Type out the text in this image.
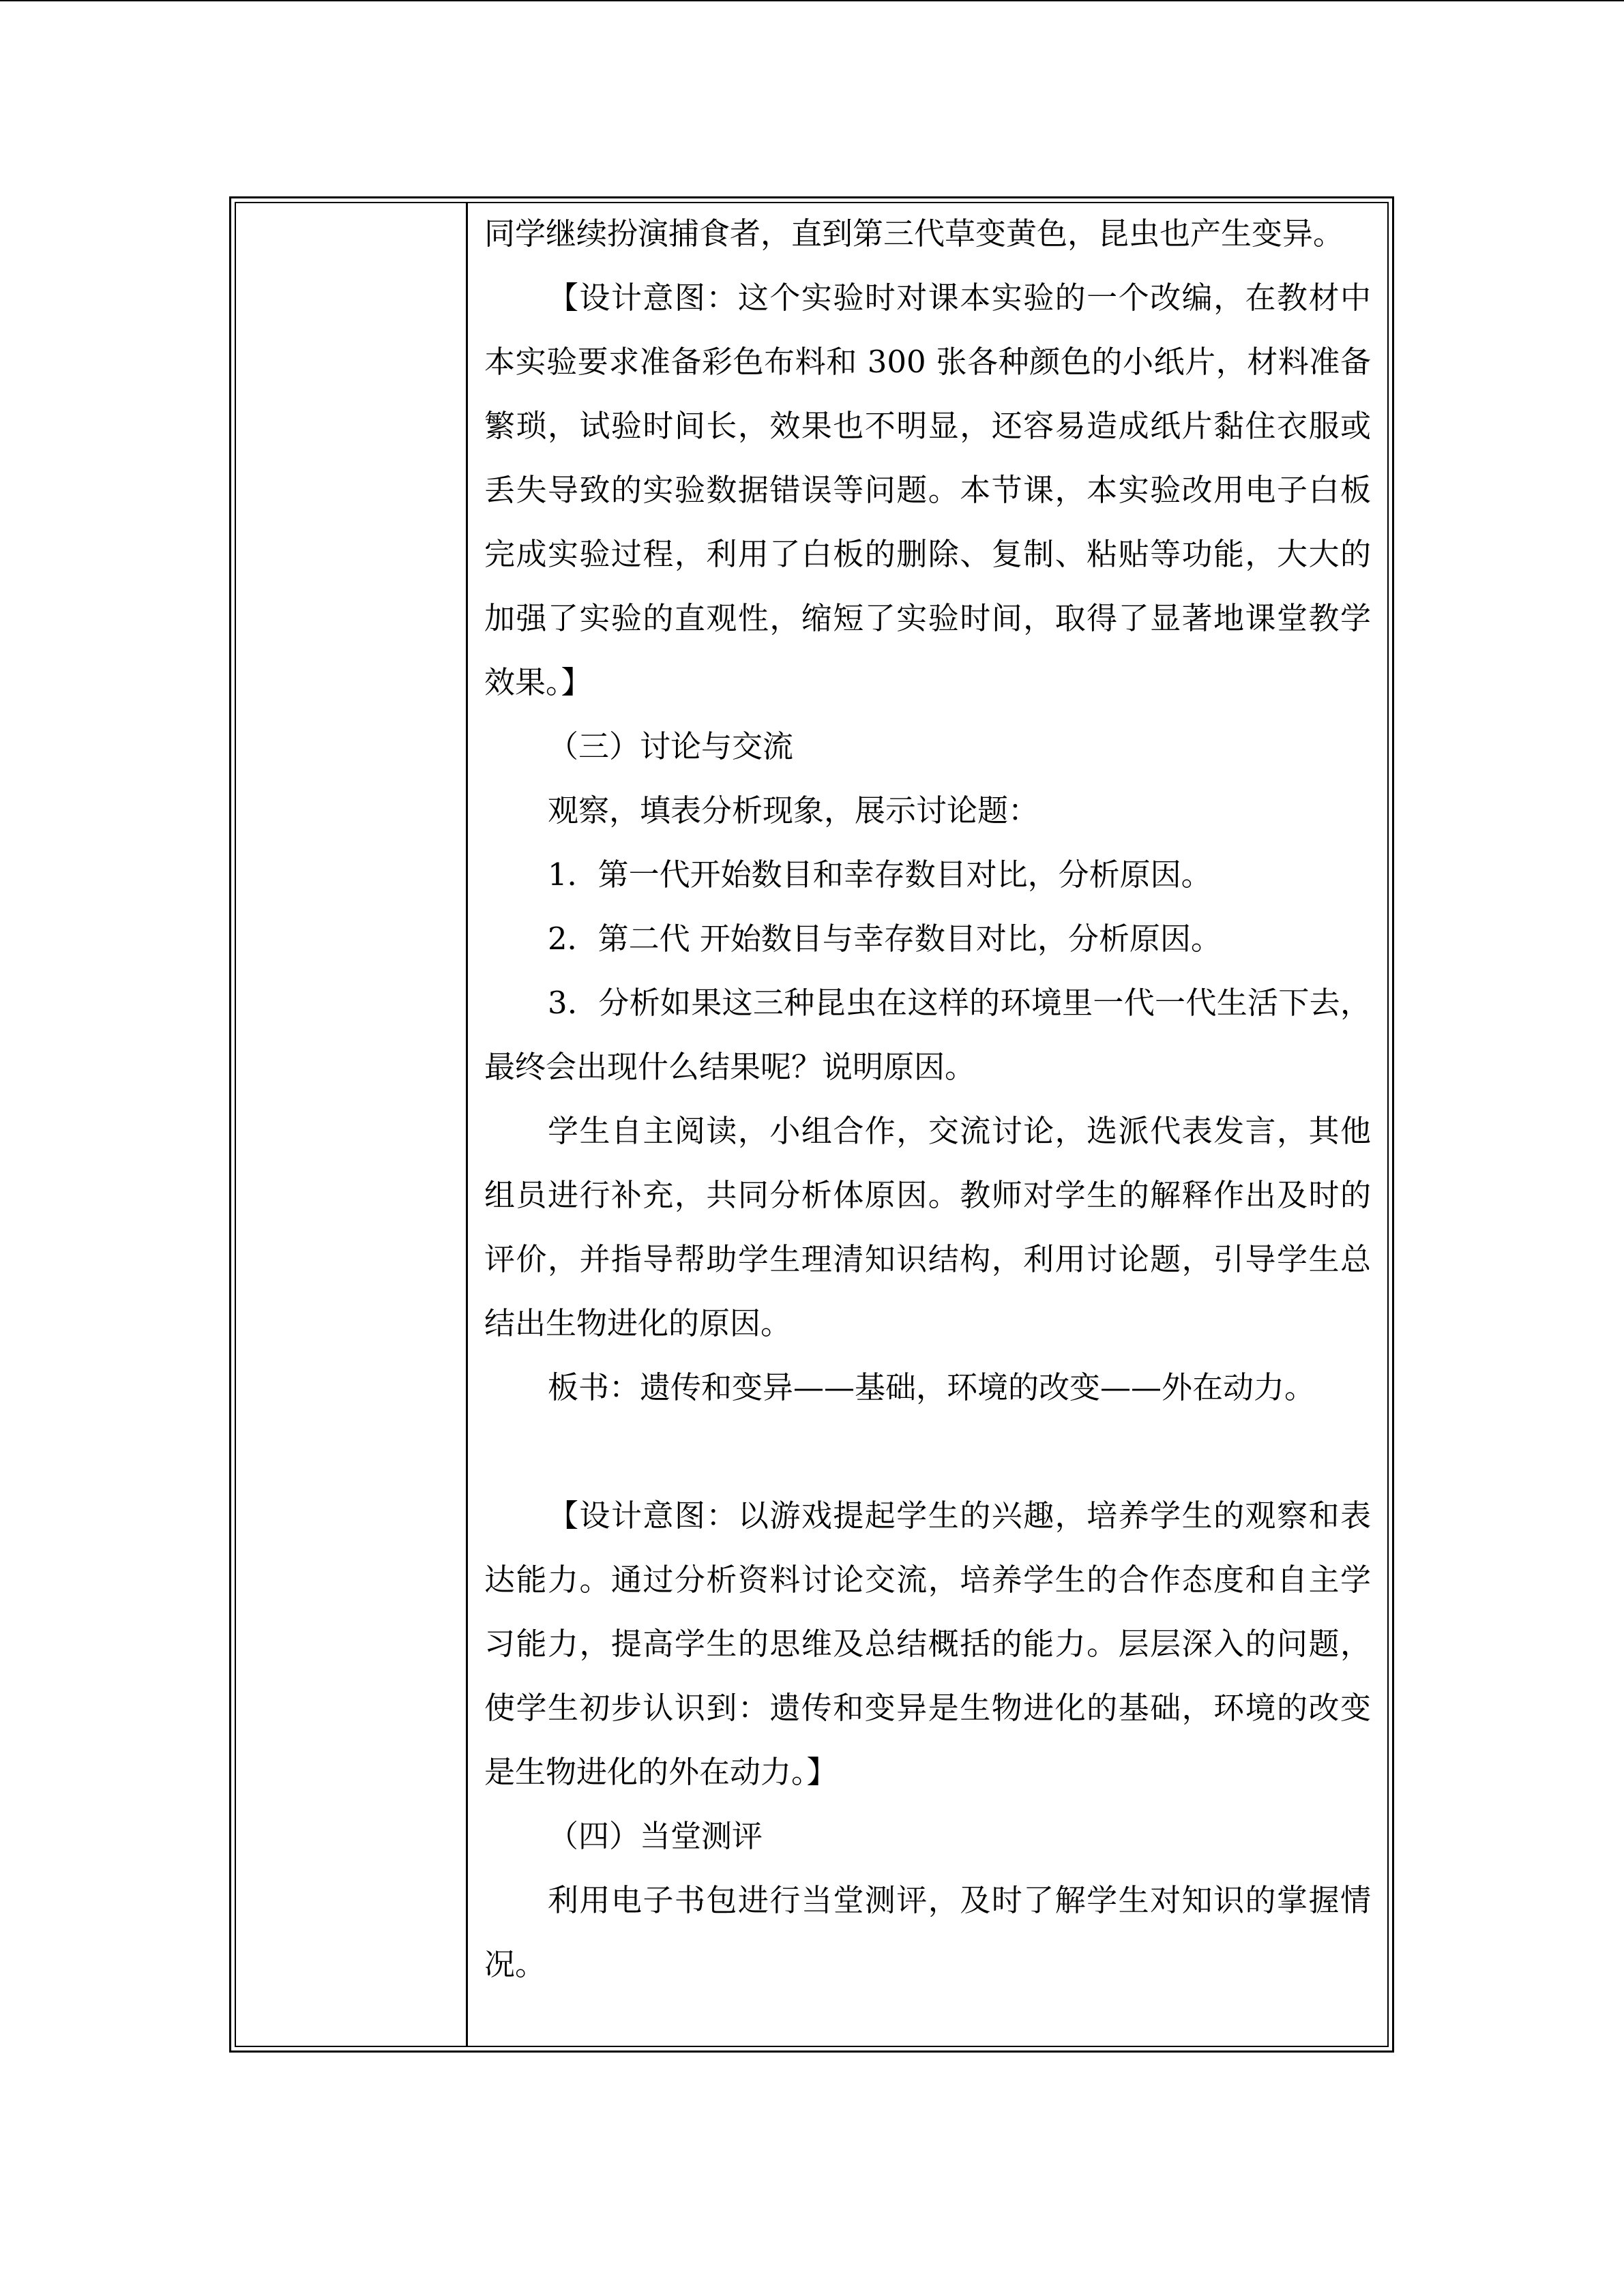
同学继续扮演捕食者，直到第三代草变黄色，昆虫也产生变异。

【设计意图：这个实验时对课本实验的一个改编，在教材中本实验要求准备彩色布料和 300 张各种颜色的小纸片，材料准备繁琐，试验时间长，效果也不明显，还容易造成纸片黏住衣服或丢失导致的实验数据错误等问题。本节课，本实验改用电子白板完成实验过程，利用了白板的删除、复制、粘贴等功能，大大的加强了实验的直观性，缩短了实验时间，取得了显著地课堂教学效果。】

（三）讨论与交流

观察，填表分析现象，展示讨论题：

1．第一代开始数目和幸存数目对比，分析原因。

2．第二代 开始数目与幸存数目对比，分析原因。

3．分析如果这三种昆虫在这样的环境里一代一代生活下去，最终会出现什么结果呢？说明原因。

学生自主阅读，小组合作，交流讨论，选派代表发言，其他组员进行补充，共同分析体原因。教师对学生的解释作出及时的评价，并指导帮助学生理清知识结构，利用讨论题，引导学生总结出生物进化的原因。

板书：遗传和变异——基础，环境的改变——外在动力。

【设计意图：以游戏提起学生的兴趣，培养学生的观察和表达能力。通过分析资料讨论交流，培养学生的合作态度和自主学习能力，提高学生的思维及总结概括的能力。层层深入的问题，使学生初步认识到：遗传和变异是生物进化的基础，环境的改变是生物进化的外在动力。】

（四）当堂测评

利用电子书包进行当堂测评，及时了解学生对知识的掌握情况。
